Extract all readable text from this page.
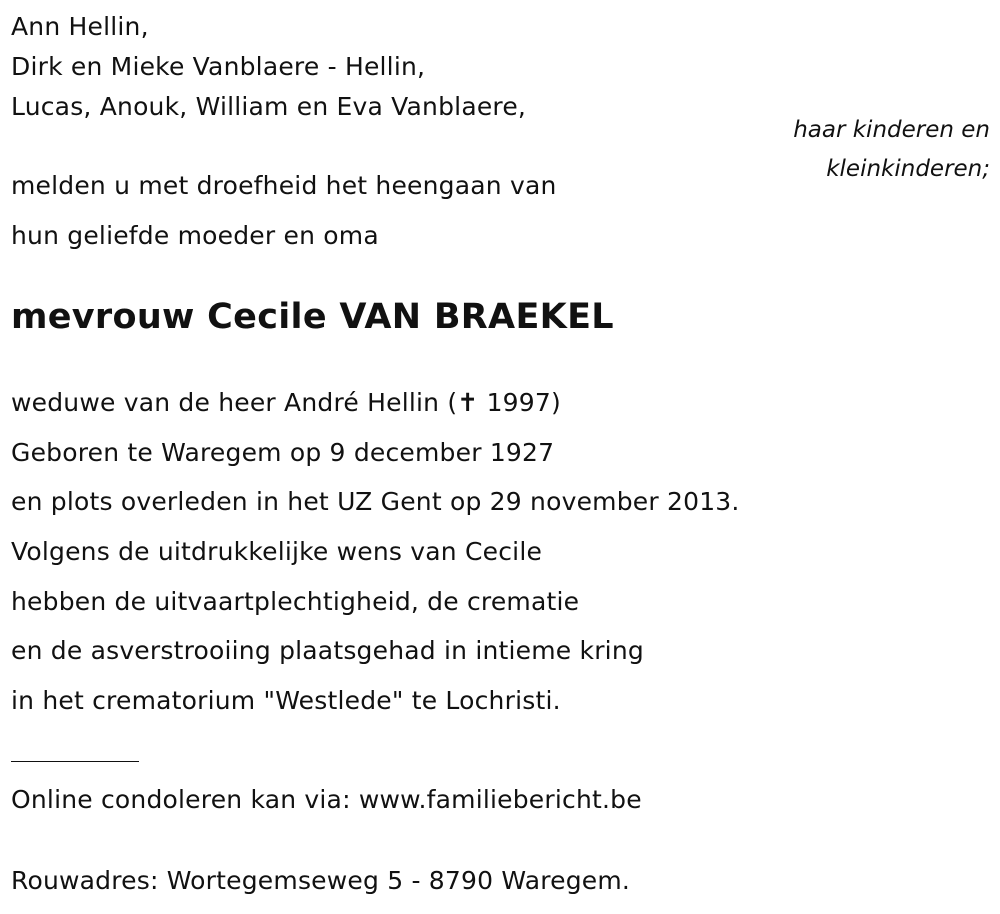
Ann Hellin,
Dirk en Mieke Vanblaere - Hellin,
Lucas, Anouk, William en Eva Vanblaere,
haar kinderen en
kleinkinderen;
melden u met droefheid het heengaan van
hun geliefde moeder en oma
mevrouw Cecile VAN BRAEKEL
weduwe van de heer André Hellin (✝ 1997)
Geboren te Waregem op 9 december 1927
en plots overleden in het UZ Gent op 29 november 2013.
Volgens de uitdrukkelijke wens van Cecile
hebben de uitvaartplechtigheid, de crematie
en de asverstrooiing plaatsgehad in intieme kring
in het crematorium "Westlede" te Lochristi.
Online condoleren kan via: www.familiebericht.be
Rouwadres: Wortegemseweg 5 - 8790 Waregem.
